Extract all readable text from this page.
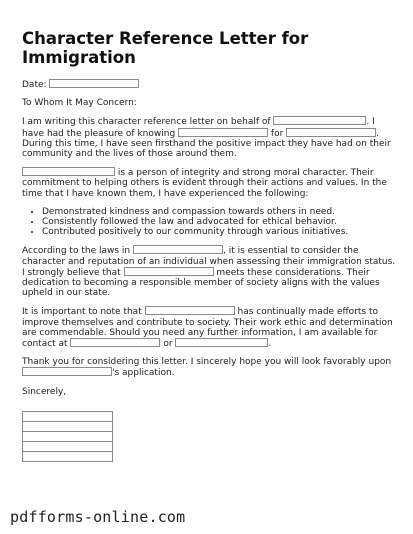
Character Reference Letter for Immigration
Date:

To Whom It May Concern:

I am writing this character reference letter on behalf of	. I have had the pleasure of knowing	for	. During this time, I have seen firsthand the positive impact they have had on their community and the lives of those around them.

is a person of integrity and strong moral character. Their commitment to helping others is evident through their actions and values. In the time that I have known them, I have experienced the following:

• Demonstrated kindness and compassion towards others in need.
• Consistently followed the law and advocated for ethical behavior.
• Contributed positively to our community through various initiatives.

According to the laws in	, it is essential to consider the character and reputation of an individual when assessing their immigration status. I strongly believe that	meets these considerations. Their dedication to becoming a responsible member of society aligns with the values upheld in our state.

It is important to note that	has continually made efforts to improve themselves and contribute to society. Their work ethic and determination are commendable. Should you need any further information, I am available for contact at	or	.

Thank you for considering this letter. I sincerely hope you will look favorably upon 's application.

Sincerely,

pdfforms-online.com
